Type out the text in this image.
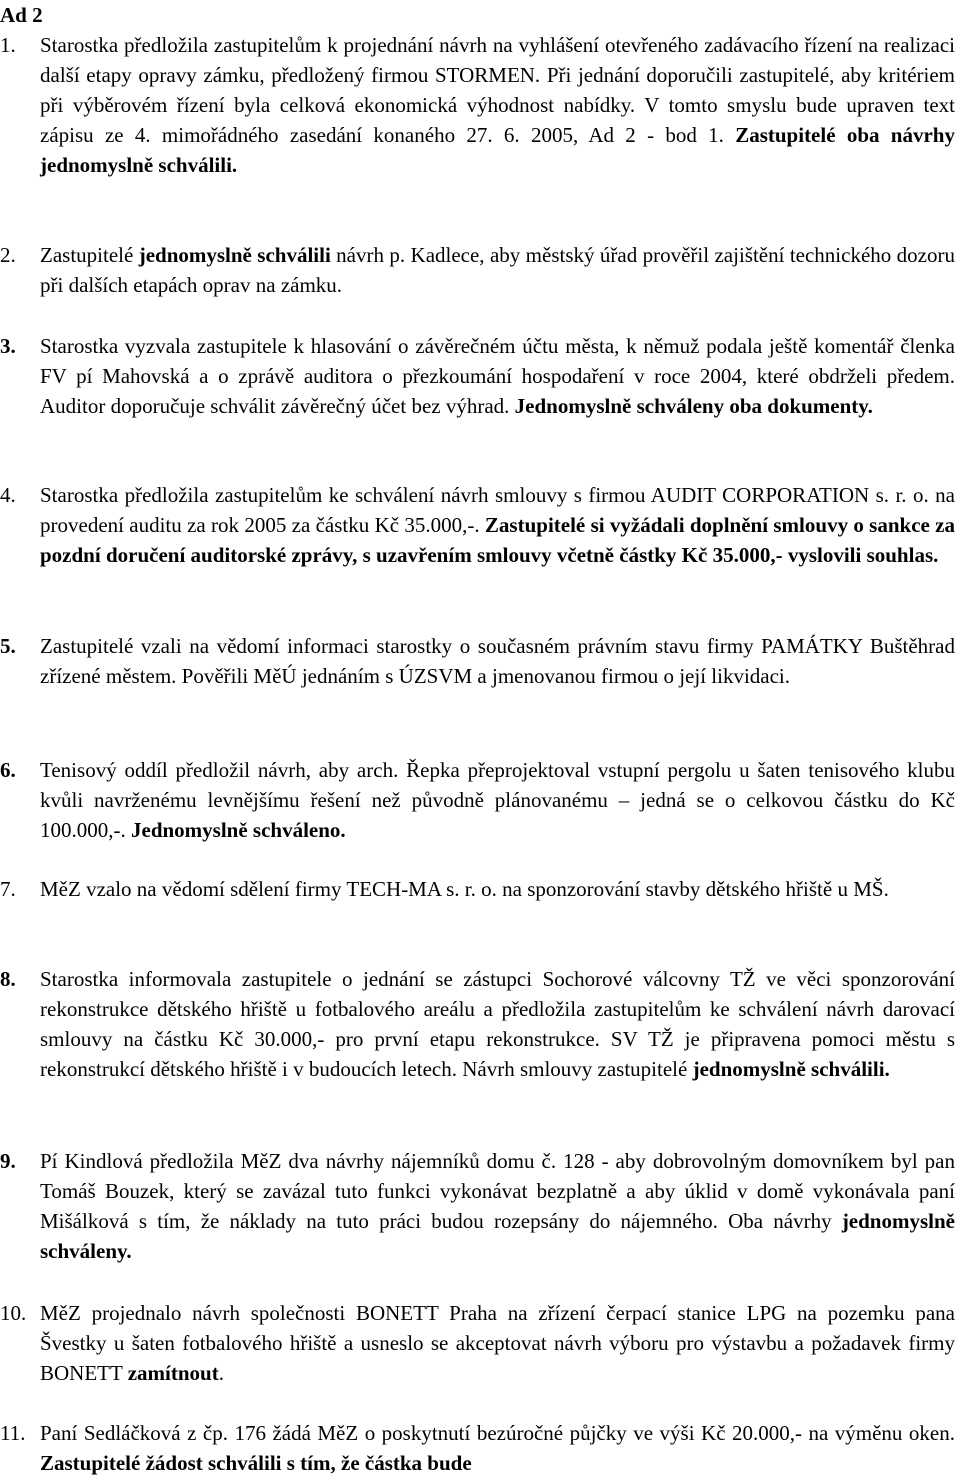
Ad 2
1. Starostka předložila zastupitelům k projednání návrh na vyhlášení otevřeného zadávacího řízení na realizaci další etapy opravy zámku, předložený firmou STORMEN. Při jednání doporučili zastupitelé, aby kritériem při výběrovém řízení byla celková ekonomická výhodnost nabídky. V tomto smyslu bude upraven text zápisu ze 4. mimořádného zasedání konaného 27. 6. 2005, Ad 2 - bod 1. Zastupitelé oba návrhy jednomyslně schválili.
2. Zastupitelé jednomyslně schválili návrh p. Kadlece, aby městský úřad prověřil zajištění technického dozoru při dalších etapách oprav na zámku.
3. Starostka vyzvala zastupitele k hlasování o závěrečném účtu města, k němuž podala ještě komentář členka FV pí Mahovská a o zprávě auditora o přezkoumání hospodaření v roce 2004, které obdrželi předem. Auditor doporučuje schválit závěrečný účet bez výhrad. Jednomyslně schváleny oba dokumenty.
4. Starostka předložila zastupitelům ke schválení návrh smlouvy s firmou AUDIT CORPORATION s. r. o. na provedení auditu za rok 2005 za částku Kč 35.000,-. Zastupitelé si vyžádali doplnění smlouvy o sankce za pozdní doručení auditorské zprávy, s uzavřením smlouvy včetně částky Kč 35.000,- vyslovili souhlas.
5. Zastupitelé vzali na vědomí informaci starostky o současném právním stavu firmy PAMÁTKY Buštěhrad zřízené městem. Pověřili MěÚ jednáním s ÚZSVM a jmenovanou firmou o její likvidaci.
6. Tenisový oddíl předložil návrh, aby arch. Řepka přeprojektoval vstupní pergolu u šaten tenisového klubu kvůli navrženému levnějšímu řešení než původně plánovanému – jedná se o celkovou částku do Kč 100.000,-. Jednomyslně schváleno.
7. MěZ vzalo na vědomí sdělení firmy TECH-MA s. r. o. na sponzorování stavby dětského hřiště u MŠ.
8. Starostka informovala zastupitele o jednání se zástupci Sochorové válcovny TŽ ve věci sponzorování rekonstrukce dětského hřiště u fotbalového areálu a předložila zastupitelům ke schválení návrh darovací smlouvy na částku Kč 30.000,- pro první etapu rekonstrukce. SV TŽ je připravena pomoci městu s rekonstrukcí dětského hřiště i v budoucích letech. Návrh smlouvy zastupitelé jednomyslně schválili.
9. Pí Kindlová předložila MěZ dva návrhy nájemníků domu č. 128 - aby dobrovolným domovníkem byl pan Tomáš Bouzek, který se zavázal tuto funkci vykonávat bezplatně a aby úklid v domě vykonávala paní Mišálková s tím, že náklady na tuto práci budou rozepsány do nájemného. Oba návrhy jednomyslně schváleny.
10. MěZ projednalo návrh společnosti BONETT Praha na zřízení čerpací stanice LPG na pozemku pana Švestky u šaten fotbalového hřiště a usneslo se akceptovat návrh výboru pro výstavbu a požadavek firmy BONETT zamítnout.
11. Paní Sedláčková z čp. 176 žádá MěZ o poskytnutí bezúročné půjčky ve výši Kč 20.000,- na výměnu oken. Zastupitelé žádost schválili s tím, že částka bude
